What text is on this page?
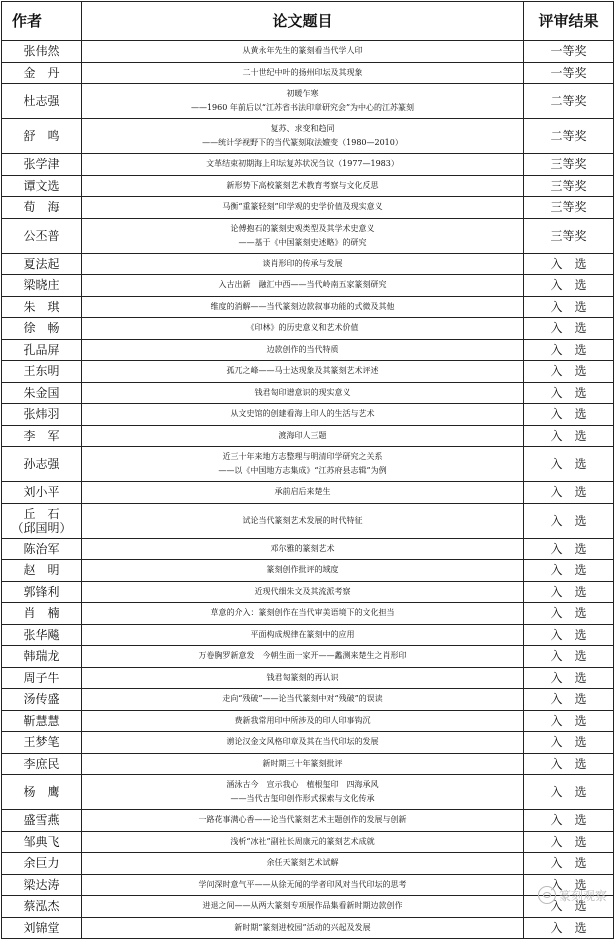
作者	论文题目	评审结果

张伟然	从黄永年先生的篆刻看当代学人印	一等奖

金　丹	二十世纪中叶的扬州印坛及其现象	一等奖

杜志强	初暖乍寒
——1960 年前后以“江苏省书法印章研究会”为中心的江苏篆刻	二等奖

舒　鸣	复苏、求变和趋同
——统计学视野下的当代篆刻取法嬗变（1980—2010）	二等奖

张学津	文革结束初期海上印坛复苏状况刍议（1977—1983）	三等奖

谭文选	新形势下高校篆刻艺术教育考察与文化反思	三等奖

荀　海	马衡“重篆轻刻”印学观的史学价值及现实意义	三等奖

公丕普	论傅抱石的篆刻史观类型及其学术史意义
——基于《中国篆刻史述略》的研究	三等奖

夏法起	谈肖形印的传承与发展	入　选

梁晓庄	入古出新　融汇中西——当代岭南五家篆刻研究	入　选

朱　琪	维度的消解——当代篆刻边款叙事功能的式微及其他	入　选

徐　畅	《印林》的历史意义和艺术价值	入　选

孔品屏	边款创作的当代特质	入　选

王东明	孤兀之峰——马士达现象及其篆刻艺术评述	入　选

朱金国	钱君匋印谱意识的现实意义	入　选

张炜羽	从文史馆的创建看海上印人的生活与艺术	入　选

李　军	渡海印人三题	入　选

孙志强	近三十年来地方志整理与明清印学研究之关系
——以《中国地方志集成》“江苏府县志辑”为例	入　选

刘小平	承前启后来楚生	入　选

丘　石
（邱国明）	试论当代篆刻艺术发展的时代特征	入　选

陈治军	邓尔雅的篆刻艺术	入　选

赵　明	篆刻创作批评的域度	入　选

郭锋利	近现代细朱文及其流派考察	入　选

肖　楠	草意的介入：篆刻创作在当代审美语境下的文化担当	入　选

张华飚	平面构成规律在篆刻中的应用	入　选

韩瑞龙	万卷胸罗新意发　今朝生面一家开——蠡测来楚生之肖形印	入　选

周子牛	钱君匋篆刻的再认识	入　选

汤传盛	走向“残破”——论当代篆刻中对“残破”的误读	入　选

靳慧慧	费新我常用印中所涉及的印人印事钩沉	入　选

王梦笔	谫论汉金文风格印章及其在当代印坛的发展	入　选

李庶民	新时期三十年篆刻批评	入　选

杨　鹰	涵泳古今　宣示我心　植根玺印　四海承风
——当代古玺印创作形式探索与文化传承	入　选

盛雪燕	一路花事满心香——论当代篆刻艺术主题创作的发展与创新	入　选

邹典飞	浅析“冰社”副社长周康元的篆刻艺术成就	入　选

余巨力	余任天篆刻艺术试解	入　选

梁达涛	学问深时意气平——从徐无闻的学者印风对当代印坛的思考	入　选

蔡泓杰	进退之间——从两大篆刻专项展作品集看新时期边款创作	入　选

刘锦堂	新时期“篆刻进校园”活动的兴起及发展	入　选
篆刻观察
